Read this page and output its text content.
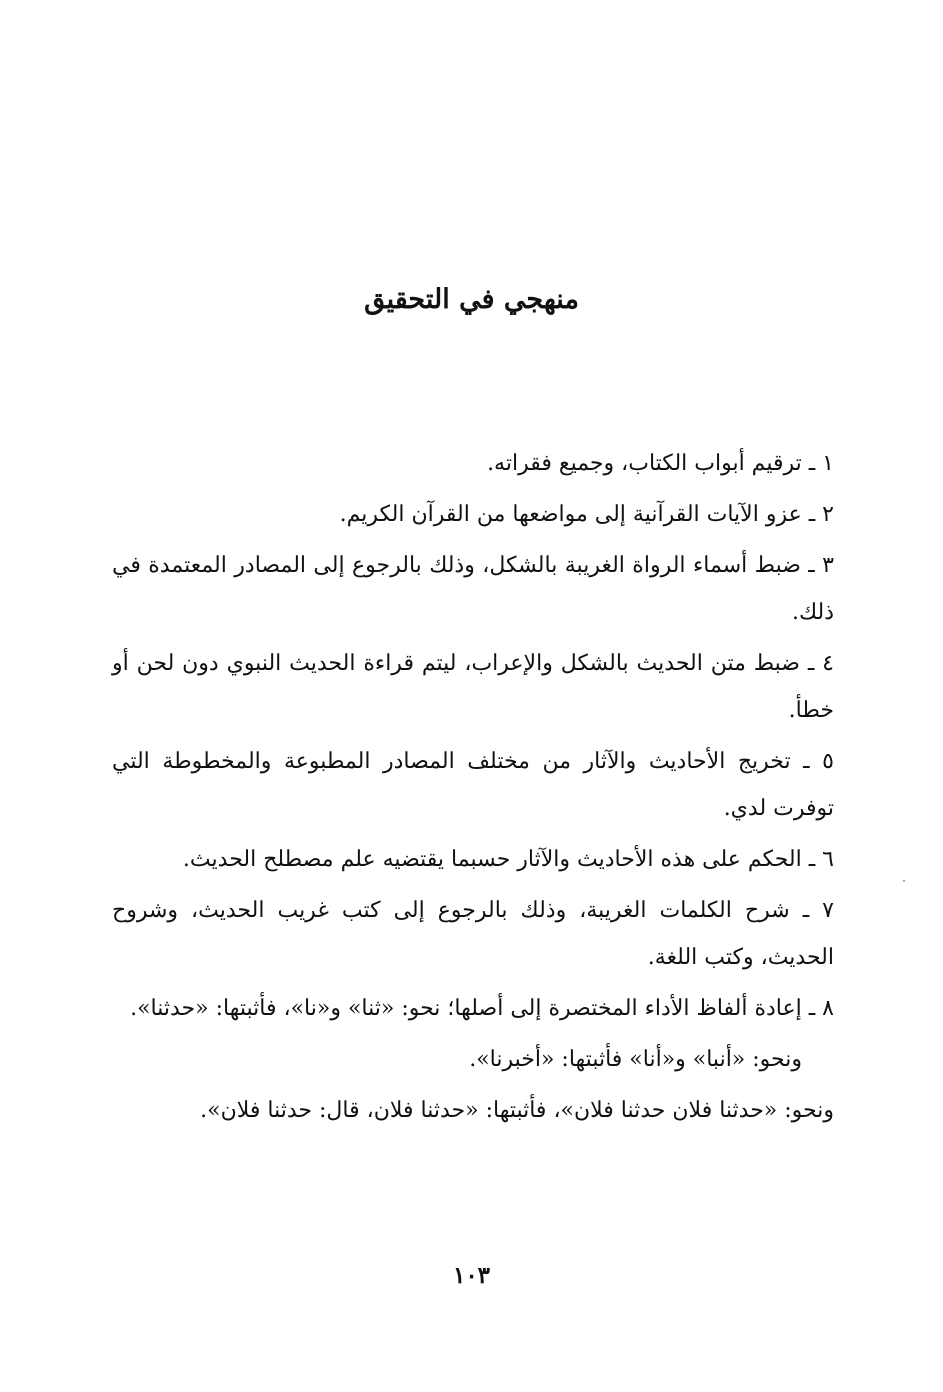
منهجي في التحقيق

١ ـ ترقيم أبواب الكتاب، وجميع فقراته.

٢ ـ عزو الآيات القرآنية إلى مواضعها من القرآن الكريم.

٣ ـ ضبط أسماء الرواة الغريبة بالشكل، وذلك بالرجوع إلى المصادر المعتمدة في ذلك.

٤ ـ ضبط متن الحديث بالشكل والإعراب، ليتم قراءة الحديث النبوي دون لحن أو خطأ.

٥ ـ تخريج الأحاديث والآثار من مختلف المصادر المطبوعة والمخطوطة التي توفرت لدي.

٦ ـ الحكم على هذه الأحاديث والآثار حسبما يقتضيه علم مصطلح الحديث.

٧ ـ شرح الكلمات الغريبة، وذلك بالرجوع إلى كتب غريب الحديث، وشروح الحديث، وكتب اللغة.

٨ ـ إعادة ألفاظ الأداء المختصرة إلى أصلها؛ نحو: «ثنا» و«نا»، فأثبتها: «حدثنا».

ونحو: «أنبا» و«أنا» فأثبتها: «أخبرنا».

ونحو: «حدثنا فلان حدثنا فلان»، فأثبتها: «حدثنا فلان، قال: حدثنا فلان».

١٠٣
